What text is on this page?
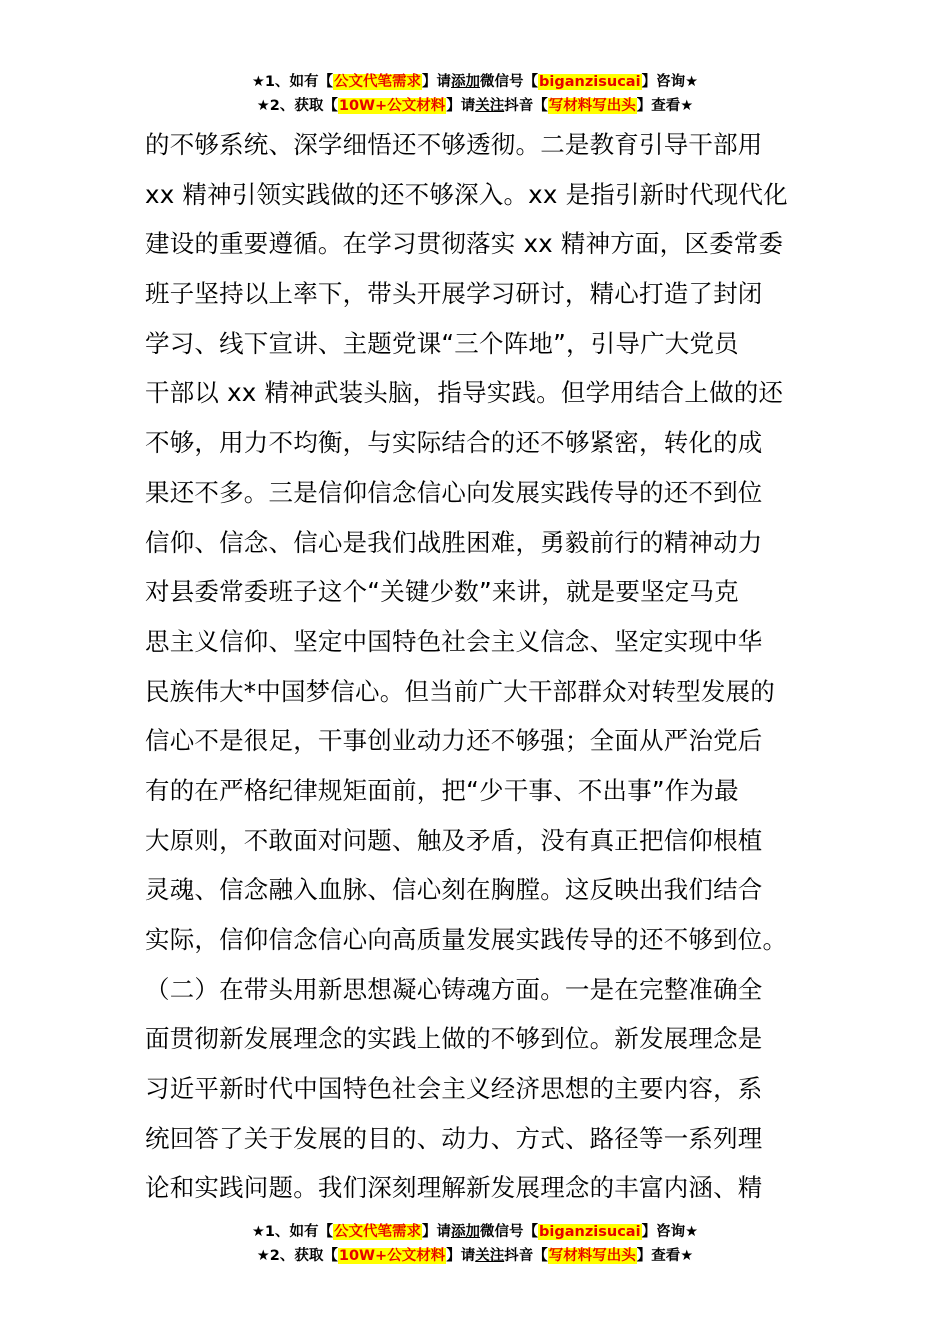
★1、如有【公文代笔需求】请添加微信号【biganzisucai】咨询★
★2、获取【10W+公文材料】请关注抖音【写材料写出头】查看★
的不够系统、深学细悟还不够透彻。二是教育引导干部用
xx 精神引领实践做的还不够深入。xx 是指引新时代现代化
建设的重要遵循。在学习贯彻落实 xx 精神方面，区委常委
班子坚持以上率下，带头开展学习研讨，精心打造了封闭
学习、线下宣讲、主题党课“三个阵地”，引导广大党员
干部以 xx 精神武装头脑，指导实践。但学用结合上做的还
不够，用力不均衡，与实际结合的还不够紧密，转化的成
果还不多。三是信仰信念信心向发展实践传导的还不到位
信仰、信念、信心是我们战胜困难，勇毅前行的精神动力
对县委常委班子这个“关键少数”来讲，就是要坚定马克
思主义信仰、坚定中国特色社会主义信念、坚定实现中华
民族伟大*中国梦信心。但当前广大干部群众对转型发展的
信心不是很足，干事创业动力还不够强；全面从严治党后
有的在严格纪律规矩面前，把“少干事、不出事”作为最
大原则，不敢面对问题、触及矛盾，没有真正把信仰根植
灵魂、信念融入血脉、信心刻在胸膛。这反映出我们结合
实际，信仰信念信心向高质量发展实践传导的还不够到位。
（二）在带头用新思想凝心铸魂方面。一是在完整准确全
面贯彻新发展理念的实践上做的不够到位。新发展理念是
习近平新时代中国特色社会主义经济思想的主要内容，系
统回答了关于发展的目的、动力、方式、路径等一系列理
论和实践问题。我们深刻理解新发展理念的丰富内涵、精
★1、如有【公文代笔需求】请添加微信号【biganzisucai】咨询★
★2、获取【10W+公文材料】请关注抖音【写材料写出头】查看★
